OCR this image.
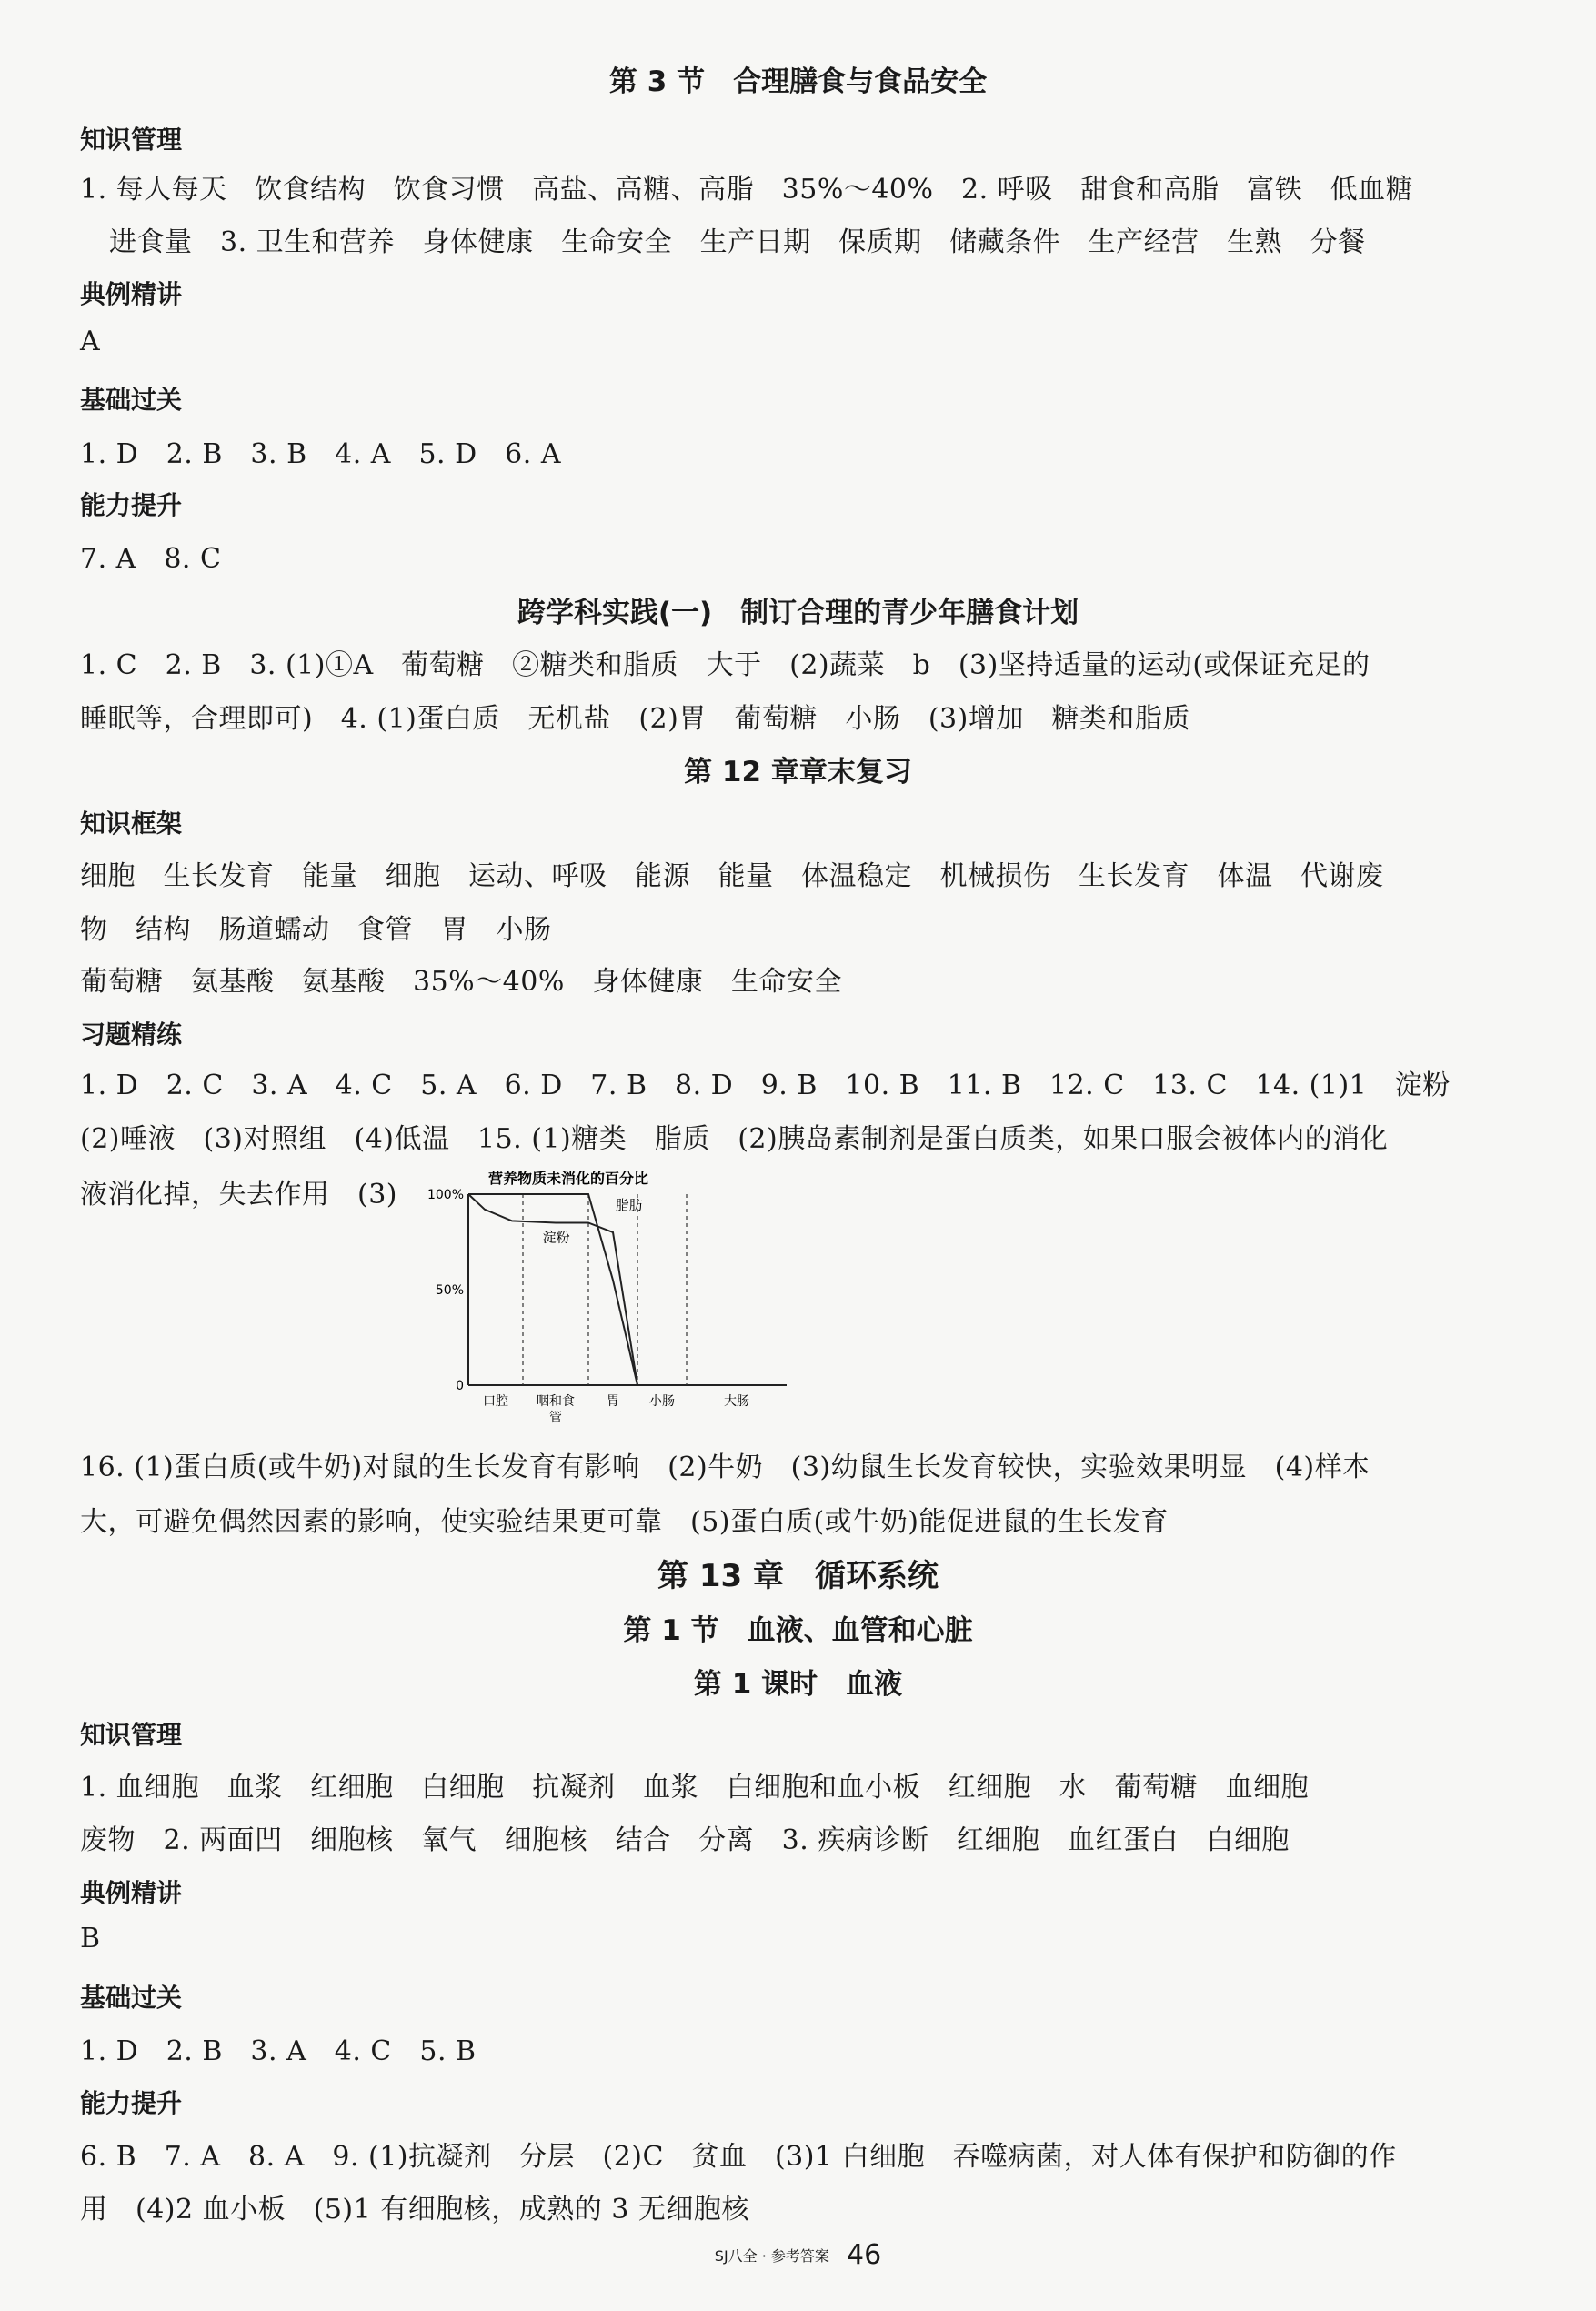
第 3 节　合理膳食与食品安全
知识管理
1. 每人每天　饮食结构　饮食习惯　高盐、高糖、高脂　35%～40%　2. 呼吸　甜食和高脂　富铁　低血糖
进食量　3. 卫生和营养　身体健康　生命安全　生产日期　保质期　储藏条件　生产经营　生熟　分餐
典例精讲
A
基础过关
1. D　2. B　3. B　4. A　5. D　6. A
能力提升
7. A　8. C
跨学科实践(一)　制订合理的青少年膳食计划
1. C　2. B　3. (1)①A　葡萄糖　②糖类和脂质　大于　(2)蔬菜　b　(3)坚持适量的运动(或保证充足的
睡眠等，合理即可)　4. (1)蛋白质　无机盐　(2)胃　葡萄糖　小肠　(3)增加　糖类和脂质
第 12 章章末复习
知识框架
细胞　生长发育　能量　细胞　运动、呼吸　能源　能量　体温稳定　机械损伤　生长发育　体温　代谢废
物　结构　肠道蠕动　食管　胃　小肠
葡萄糖　氨基酸　氨基酸　35%～40%　身体健康　生命安全
习题精练
1. D　2. C　3. A　4. C　5. A　6. D　7. B　8. D　9. B　10. B　11. B　12. C　13. C　14. (1)1　淀粉
(2)唾液　(3)对照组　(4)低温　15. (1)糖类　脂质　(2)胰岛素制剂是蛋白质类，如果口服会被体内的消化
液消化掉，失去作用　(3)
营养物质未消化的百分比
100%
50%
0
口腔 咽和食
管
胃 小肠	大肠
淀粉
脂肪
16. (1)蛋白质(或牛奶)对鼠的生长发育有影响　(2)牛奶　(3)幼鼠生长发育较快，实验效果明显　(4)样本
大，可避免偶然因素的影响，使实验结果更可靠　(5)蛋白质(或牛奶)能促进鼠的生长发育
第 13 章　循环系统
第 1 节　血液、血管和心脏
第 1 课时　血液
知识管理
1. 血细胞　血浆　红细胞　白细胞　抗凝剂　血浆　白细胞和血小板　红细胞　水　葡萄糖　血细胞
废物　2. 两面凹　细胞核　氧气　细胞核　结合　分离　3. 疾病诊断　红细胞　血红蛋白　白细胞
典例精讲
B
基础过关
1. D　2. B　3. A　4. C　5. B
能力提升
6. B　7. A　8. A　9. (1)抗凝剂　分层　(2)C　贫血　(3)1 白细胞　吞噬病菌，对人体有保护和防御的作
用　(4)2 血小板　(5)1 有细胞核，成熟的 3 无细胞核
SJ八全 · 参考答案 46
